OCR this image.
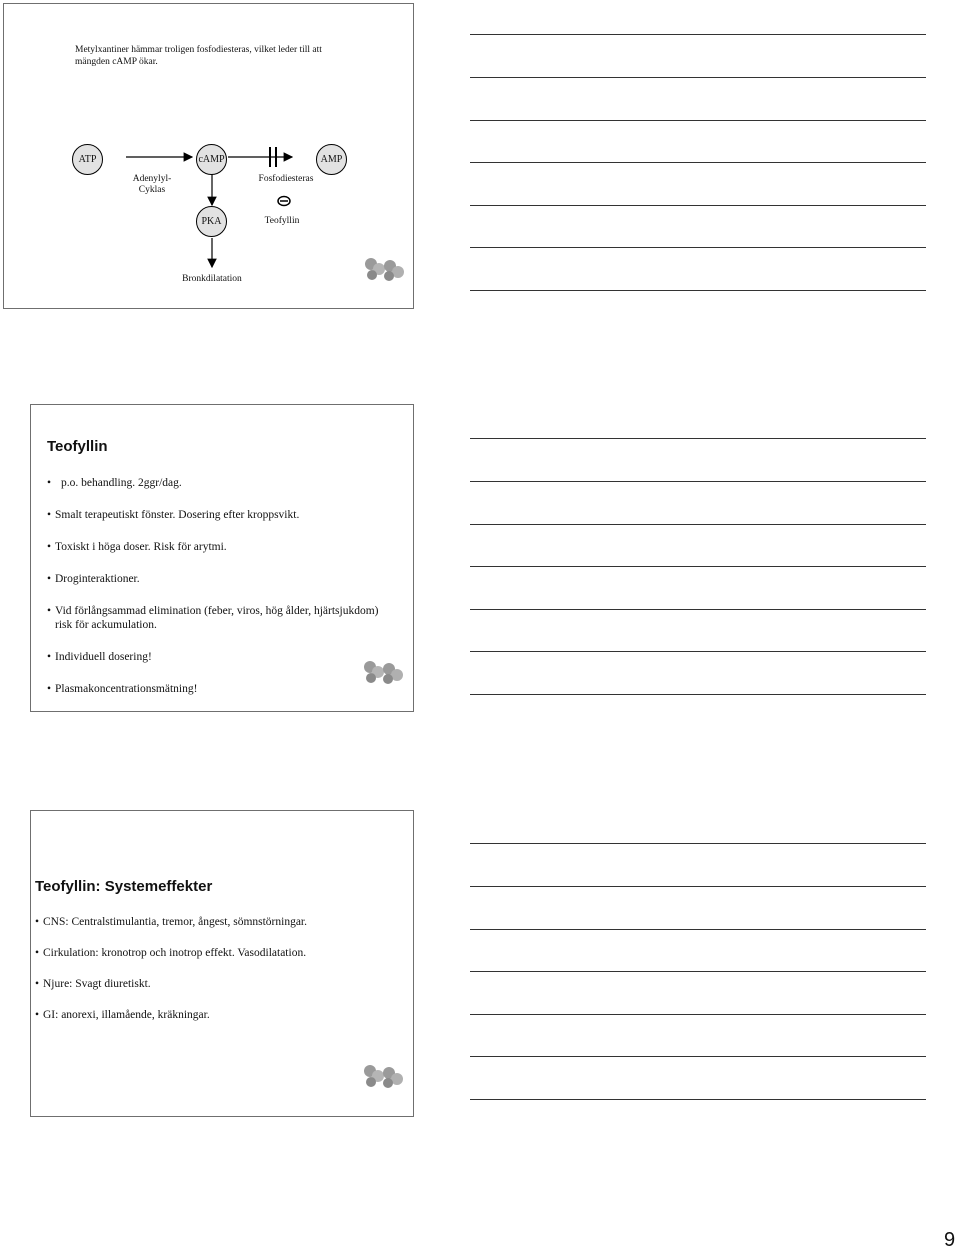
Metylxantiner hämmar troligen fosfodiesteras, vilket leder till att mängden cAMP ökar.
ATP	cAMP	AMP
PKA
Adenylyl-
Cyklas
Fosfodiesteras
Teofyllin
Bronkdilatation
Teofyllin
• p.o. behandling. 2ggr/dag.
• Smalt terapeutiskt fönster. Dosering efter kroppsvikt.
• Toxiskt i höga doser. Risk för arytmi.
• Droginteraktioner.
• Vid förlångsammad elimination (feber, viros, hög ålder, hjärtsjukdom) risk för ackumulation.
• Individuell dosering!
• Plasmakoncentrationsmätning!
Teofyllin: Systemeffekter
• CNS: Centralstimulantia, tremor, ångest, sömnstörningar.
• Cirkulation: kronotrop och inotrop effekt. Vasodilatation.
• Njure: Svagt diuretiskt.
• GI: anorexi, illamående, kräkningar.
9
